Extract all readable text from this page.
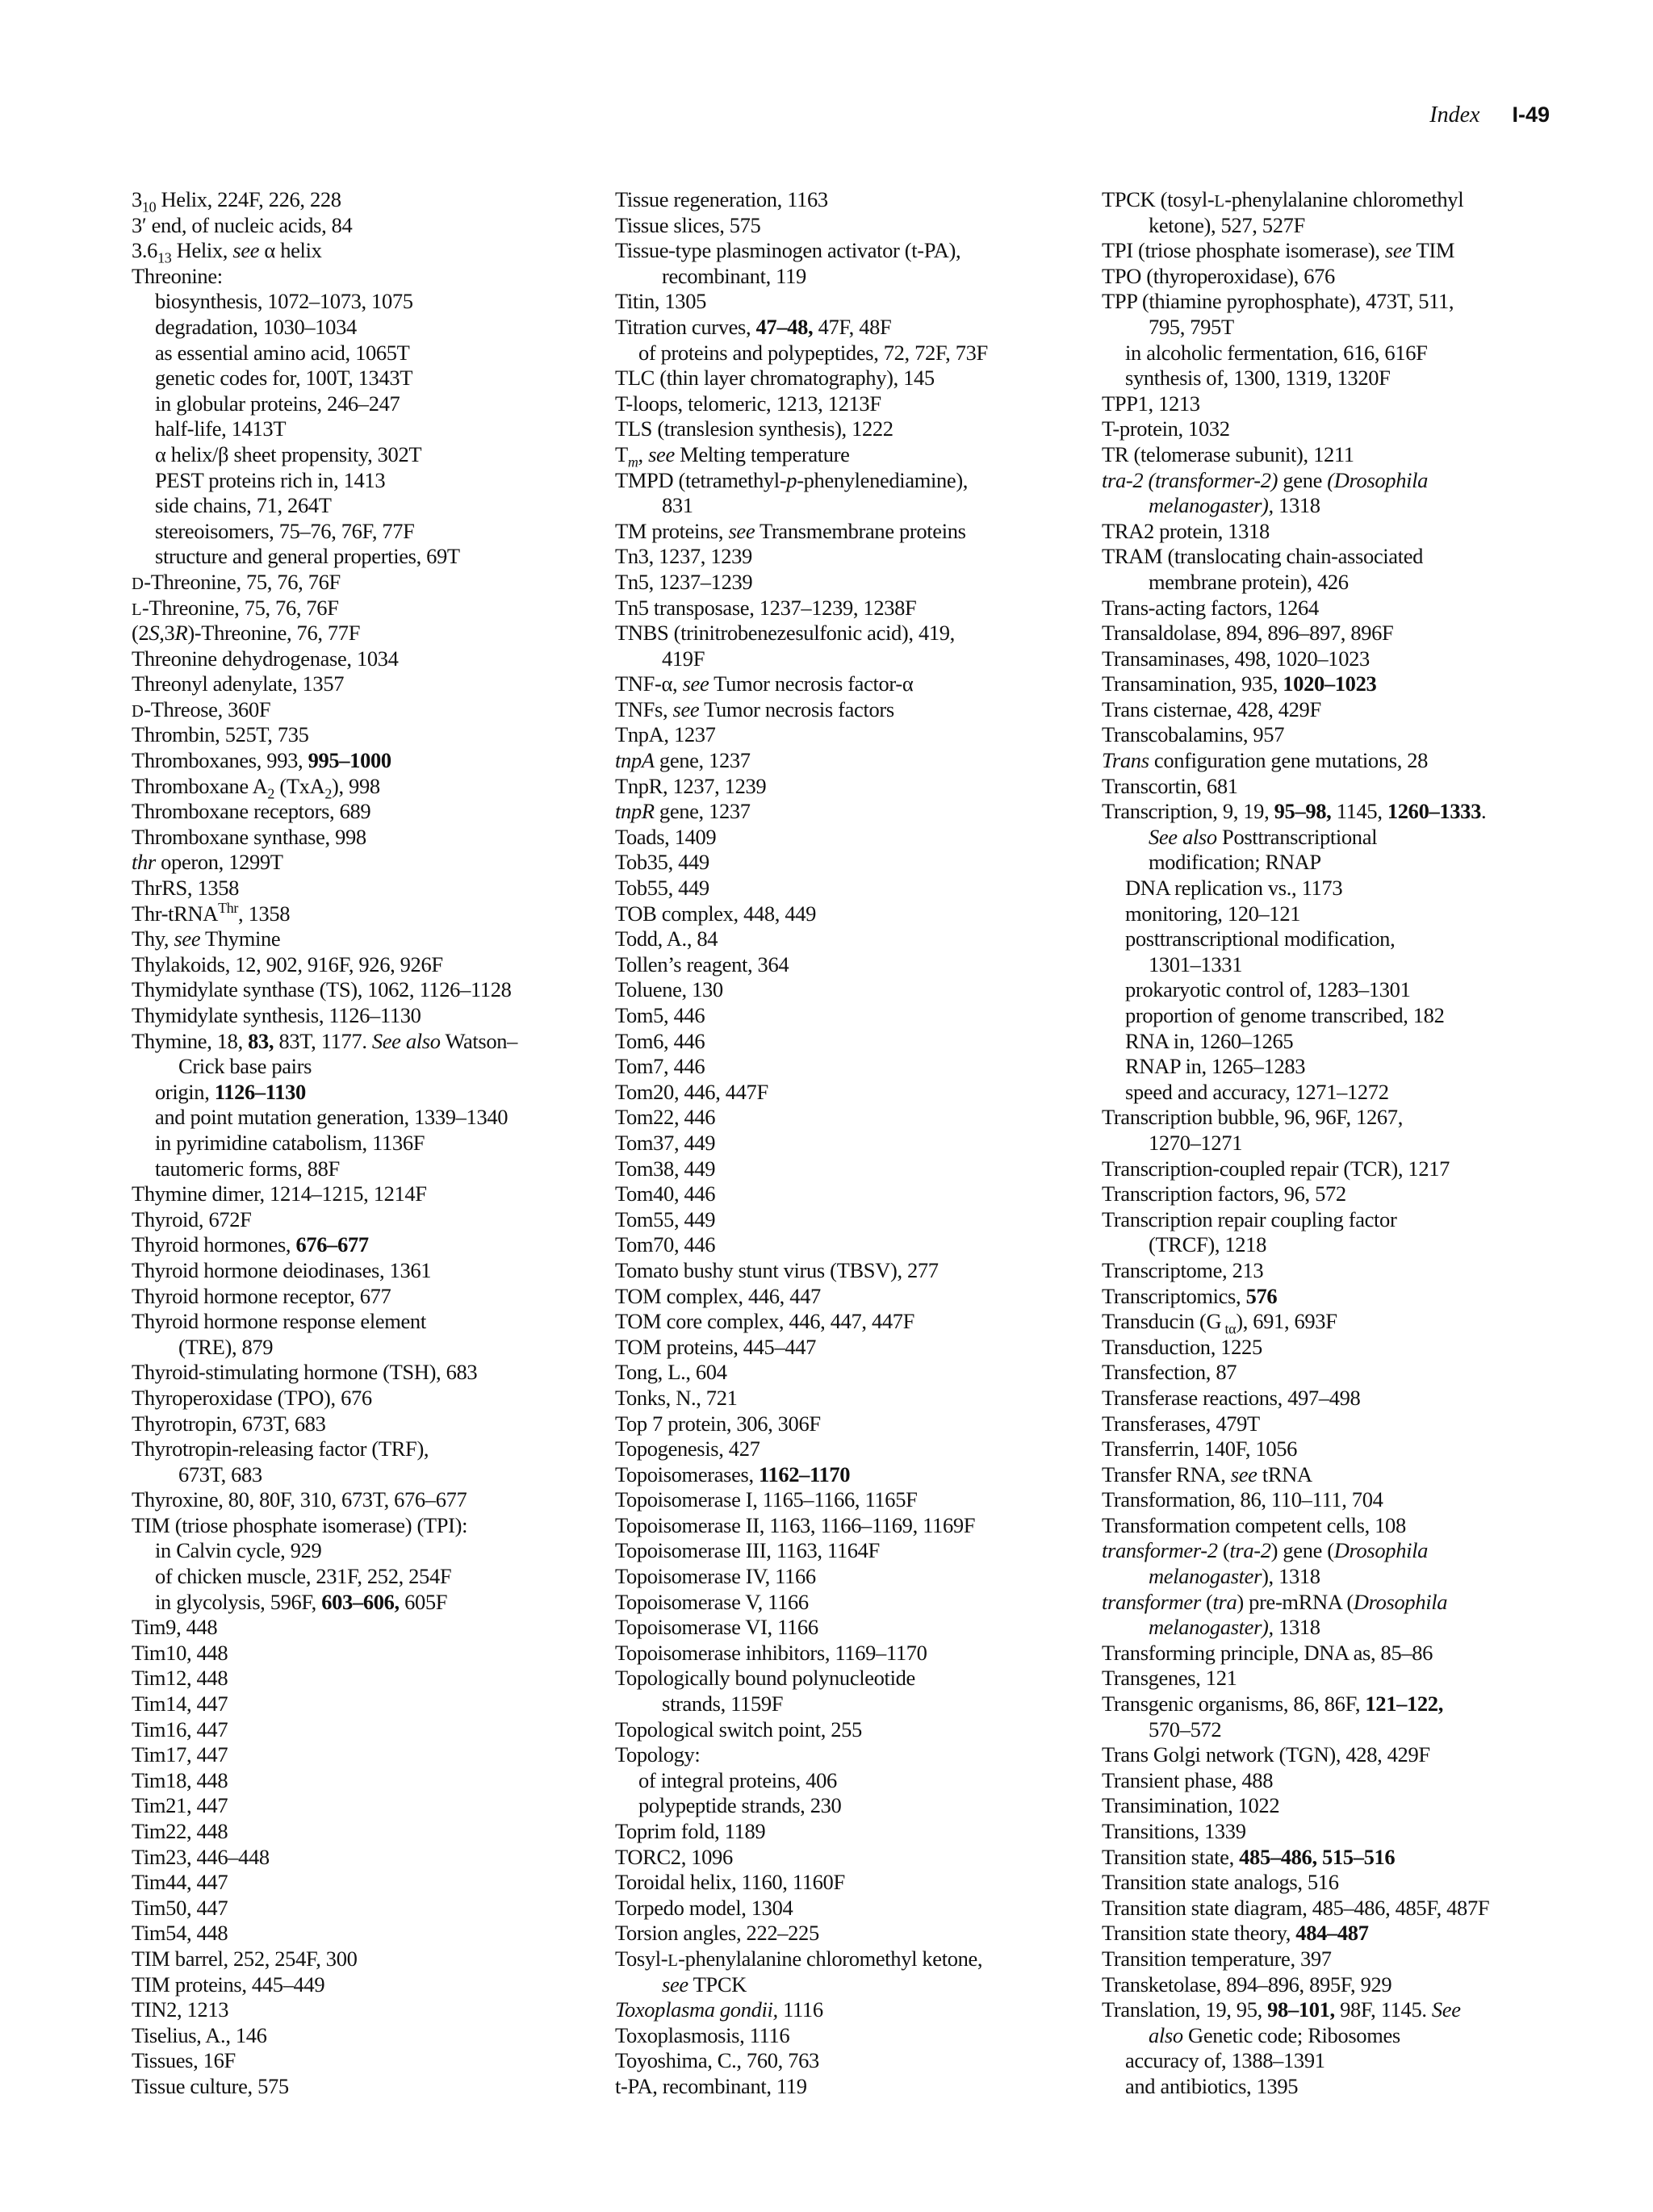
Index I-49
$3_{10}$ Helix, 224F, 226, 228
3′ end, of nucleic acids, 84
$3.6_{13}$ Helix, see α helix
Threonine:
biosynthesis, 1072–1073, 1075
degradation, 1030–1034
as essential amino acid, 1065T
genetic codes for, 100T, 1343T
in globular proteins, 246–247
half-life, 1413T
α helix/β sheet propensity, 302T
PEST proteins rich in, 1413
side chains, 71, 264T
stereoisomers, 75–76, 76F, 77F
structure and general properties, 69T
D-Threonine, 75, 76, 76F
L-Threonine, 75, 76, 76F
(2S,3R)-Threonine, 76, 77F
Threonine dehydrogenase, 1034
Threonyl adenylate, 1357
D-Threose, 360F
Thrombin, 525T, 735
Thromboxanes, 993, 995–1000
Thromboxane $A_2$ (TxA$_2$), 998
Thromboxane receptors, 689
Thromboxane synthase, 998
thr operon, 1299T
ThrRS, 1358
Thr-tRNA$^{Thr}$, 1358
Thy, see Thymine
Thylakoids, 12, 902, 916F, 926, 926F
Thymidylate synthase (TS), 1062, 1126–1128
Thymidylate synthesis, 1126–1130
Thymine, 18, 83, 83T, 1177. See also Watson–
Crick base pairs
origin, 1126–1130
and point mutation generation, 1339–1340
in pyrimidine catabolism, 1136F
tautomeric forms, 88F
Thymine dimer, 1214–1215, 1214F
Thyroid, 672F
Thyroid hormones, 676–677
Thyroid hormone deiodinases, 1361
Thyroid hormone receptor, 677
Thyroid hormone response element
(TRE), 879
Thyroid-stimulating hormone (TSH), 683
Thyroperoxidase (TPO), 676
Thyrotropin, 673T, 683
Thyrotropin-releasing factor (TRF),
673T, 683
Thyroxine, 80, 80F, 310, 673T, 676–677
TIM (triose phosphate isomerase) (TPI):
in Calvin cycle, 929
of chicken muscle, 231F, 252, 254F
in glycolysis, 596F, 603–606, 605F
Tim9, 448
Tim10, 448
Tim12, 448
Tim14, 447
Tim16, 447
Tim17, 447
Tim18, 448
Tim21, 447
Tim22, 448
Tim23, 446–448
Tim44, 447
Tim50, 447
Tim54, 448
TIM barrel, 252, 254F, 300
TIM proteins, 445–449
TIN2, 1213
Tiselius, A., 146
Tissues, 16F
Tissue culture, 575
Tissue regeneration, 1163
Tissue slices, 575
Tissue-type plasminogen activator (t-PA),
recombinant, 119
Titin, 1305
Titration curves, 47–48, 47F, 48F
of proteins and polypeptides, 72, 72F, 73F
TLC (thin layer chromatography), 145
T-loops, telomeric, 1213, 1213F
TLS (translesion synthesis), 1222
$T_m$, see Melting temperature
TMPD (tetramethyl-p-phenylenediamine),
831
TM proteins, see Transmembrane proteins
Tn3, 1237, 1239
Tn5, 1237–1239
Tn5 transposase, 1237–1239, 1238F
TNBS (trinitrobenezesulfonic acid), 419,
419F
TNF-α, see Tumor necrosis factor-α
TNFs, see Tumor necrosis factors
TnpA, 1237
tnpA gene, 1237
TnpR, 1237, 1239
tnpR gene, 1237
Toads, 1409
Tob35, 449
Tob55, 449
TOB complex, 448, 449
Todd, A., 84
Tollen’s reagent, 364
Toluene, 130
Tom5, 446
Tom6, 446
Tom7, 446
Tom20, 446, 447F
Tom22, 446
Tom37, 449
Tom38, 449
Tom40, 446
Tom55, 449
Tom70, 446
Tomato bushy stunt virus (TBSV), 277
TOM complex, 446, 447
TOM core complex, 446, 447, 447F
TOM proteins, 445–447
Tong, L., 604
Tonks, N., 721
Top 7 protein, 306, 306F
Topogenesis, 427
Topoisomerases, 1162–1170
Topoisomerase I, 1165–1166, 1165F
Topoisomerase II, 1163, 1166–1169, 1169F
Topoisomerase III, 1163, 1164F
Topoisomerase IV, 1166
Topoisomerase V, 1166
Topoisomerase VI, 1166
Topoisomerase inhibitors, 1169–1170
Topologically bound polynucleotide
strands, 1159F
Topological switch point, 255
Topology:
of integral proteins, 406
polypeptide strands, 230
Toprim fold, 1189
TORC2, 1096
Toroidal helix, 1160, 1160F
Torpedo model, 1304
Torsion angles, 222–225
Tosyl-L-phenylalanine chloromethyl ketone,
see TPCK
Toxoplasma gondii, 1116
Toxoplasmosis, 1116
Toyoshima, C., 760, 763
t-PA, recombinant, 119
TPCK (tosyl-L-phenylalanine chloromethyl
ketone), 527, 527F
TPI (triose phosphate isomerase), see TIM
TPO (thyroperoxidase), 676
TPP (thiamine pyrophosphate), 473T, 511,
795, 795T
in alcoholic fermentation, 616, 616F
synthesis of, 1300, 1319, 1320F
TPP1, 1213
T-protein, 1032
TR (telomerase subunit), 1211
tra-2 (transformer-2) gene (Drosophila
melanogaster), 1318
TRA2 protein, 1318
TRAM (translocating chain-associated
membrane protein), 426
Trans-acting factors, 1264
Transaldolase, 894, 896–897, 896F
Transaminases, 498, 1020–1023
Transamination, 935, 1020–1023
Trans cisternae, 428, 429F
Transcobalamins, 957
Trans configuration gene mutations, 28
Transcortin, 681
Transcription, 9, 19, 95–98, 1145, 1260–1333.
See also Posttranscriptional
modification; RNAP
DNA replication vs., 1173
monitoring, 120–121
posttranscriptional modification,
1301–1331
prokaryotic control of, 1283–1301
proportion of genome transcribed, 182
RNA in, 1260–1265
RNAP in, 1265–1283
speed and accuracy, 1271–1272
Transcription bubble, 96, 96F, 1267,
1270–1271
Transcription-coupled repair (TCR), 1217
Transcription factors, 96, 572
Transcription repair coupling factor
(TRCF), 1218
Transcriptome, 213
Transcriptomics, 576
Transducin (G $_{t\alpha}$), 691, 693F
Transduction, 1225
Transfection, 87
Transferase reactions, 497–498
Transferases, 479T
Transferrin, 140F, 1056
Transfer RNA, see tRNA
Transformation, 86, 110–111, 704
Transformation competent cells, 108
transformer-2 (tra-2) gene (Drosophila
melanogaster), 1318
transformer (tra) pre-mRNA (Drosophila
melanogaster), 1318
Transforming principle, DNA as, 85–86
Transgenes, 121
Transgenic organisms, 86, 86F, 121–122,
570–572
Trans Golgi network (TGN), 428, 429F
Transient phase, 488
Transimination, 1022
Transitions, 1339
Transition state, 485–486, 515–516
Transition state analogs, 516
Transition state diagram, 485–486, 485F, 487F
Transition state theory, 484–487
Transition temperature, 397
Transketolase, 894–896, 895F, 929
Translation, 19, 95, 98–101, 98F, 1145. See
also Genetic code; Ribosomes
accuracy of, 1388–1391
and antibiotics, 1395
